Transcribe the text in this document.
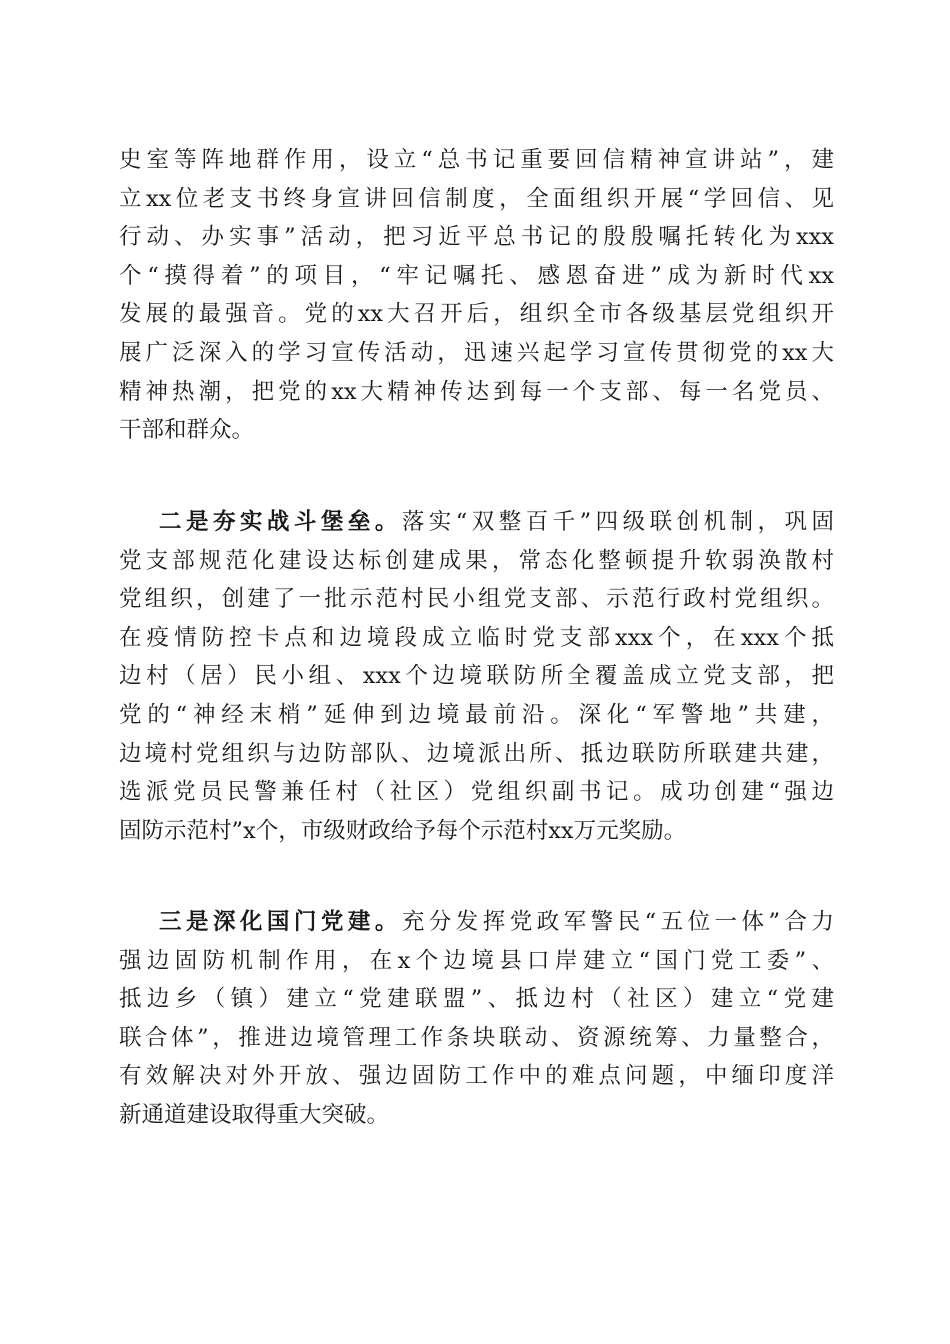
史室等阵地群作用，设立“总书记重要回信精神宣讲站”，建
立xx位老支书终身宣讲回信制度，全面组织开展“学回信、见
行动、办实事”活动，把习近平总书记的殷殷嘱托转化为xxx
个“摸得着”的项目，“牢记嘱托、感恩奋进”成为新时代xx
发展的最强音。党的xx大召开后，组织全市各级基层党组织开
展广泛深入的学习宣传活动，迅速兴起学习宣传贯彻党的xx大
精神热潮，把党的xx大精神传达到每一个支部、每一名党员、
干部和群众。
二是夯实战斗堡垒。落实“双整百千”四级联创机制，巩固
党支部规范化建设达标创建成果，常态化整顿提升软弱涣散村
党组织，创建了一批示范村民小组党支部、示范行政村党组织。
在疫情防控卡点和边境段成立临时党支部xxx个，在xxx个抵
边村（居）民小组、xxx个边境联防所全覆盖成立党支部，把
党的“神经末梢”延伸到边境最前沿。深化“军警地”共建，
边境村党组织与边防部队、边境派出所、抵边联防所联建共建，
选派党员民警兼任村（社区）党组织副书记。成功创建“强边
固防示范村”x个，市级财政给予每个示范村xx万元奖励。
三是深化国门党建。充分发挥党政军警民“五位一体”合力
强边固防机制作用，在x个边境县口岸建立“国门党工委”、
抵边乡（镇）建立“党建联盟”、抵边村（社区）建立“党建
联合体”，推进边境管理工作条块联动、资源统筹、力量整合，
有效解决对外开放、强边固防工作中的难点问题，中缅印度洋
新通道建设取得重大突破。
